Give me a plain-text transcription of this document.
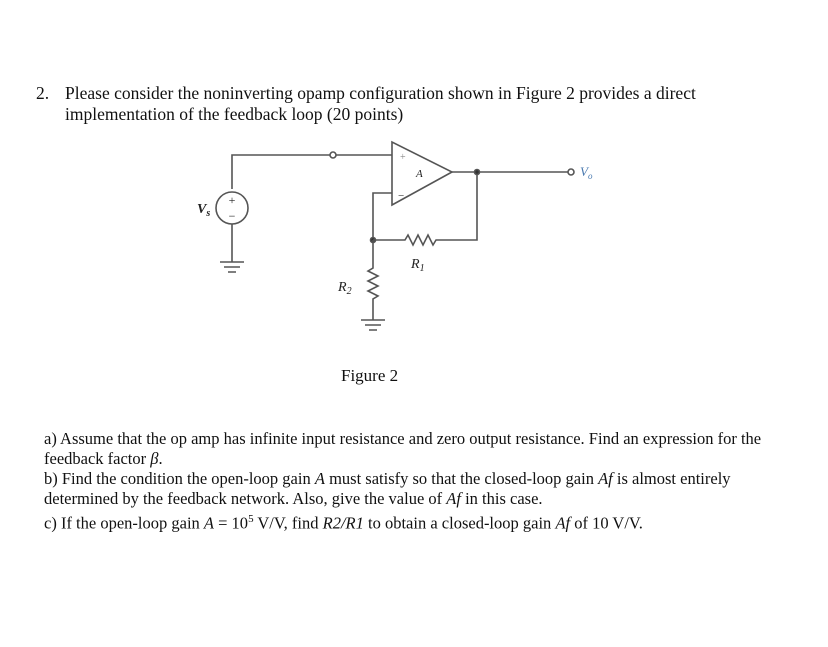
2. Please consider the noninverting opamp configuration shown in Figure 2 provides a direct implementation of the feedback loop (20 points)
+
−
+
−
A
$V_s$
$V_o$
$R_1$
$R_2$
Figure 2

a) Assume that the op amp has infinite input resistance and zero output resistance. Find an expression for the feedback factor β.

b) Find the condition the open-loop gain A must satisfy so that the closed-loop gain Af is almost entirely determined by the feedback network. Also, give the value of Af in this case.

c) If the open-loop gain $A = 10^5$ V/V, find R2/R1 to obtain a closed-loop gain Af of 10 V/V.
